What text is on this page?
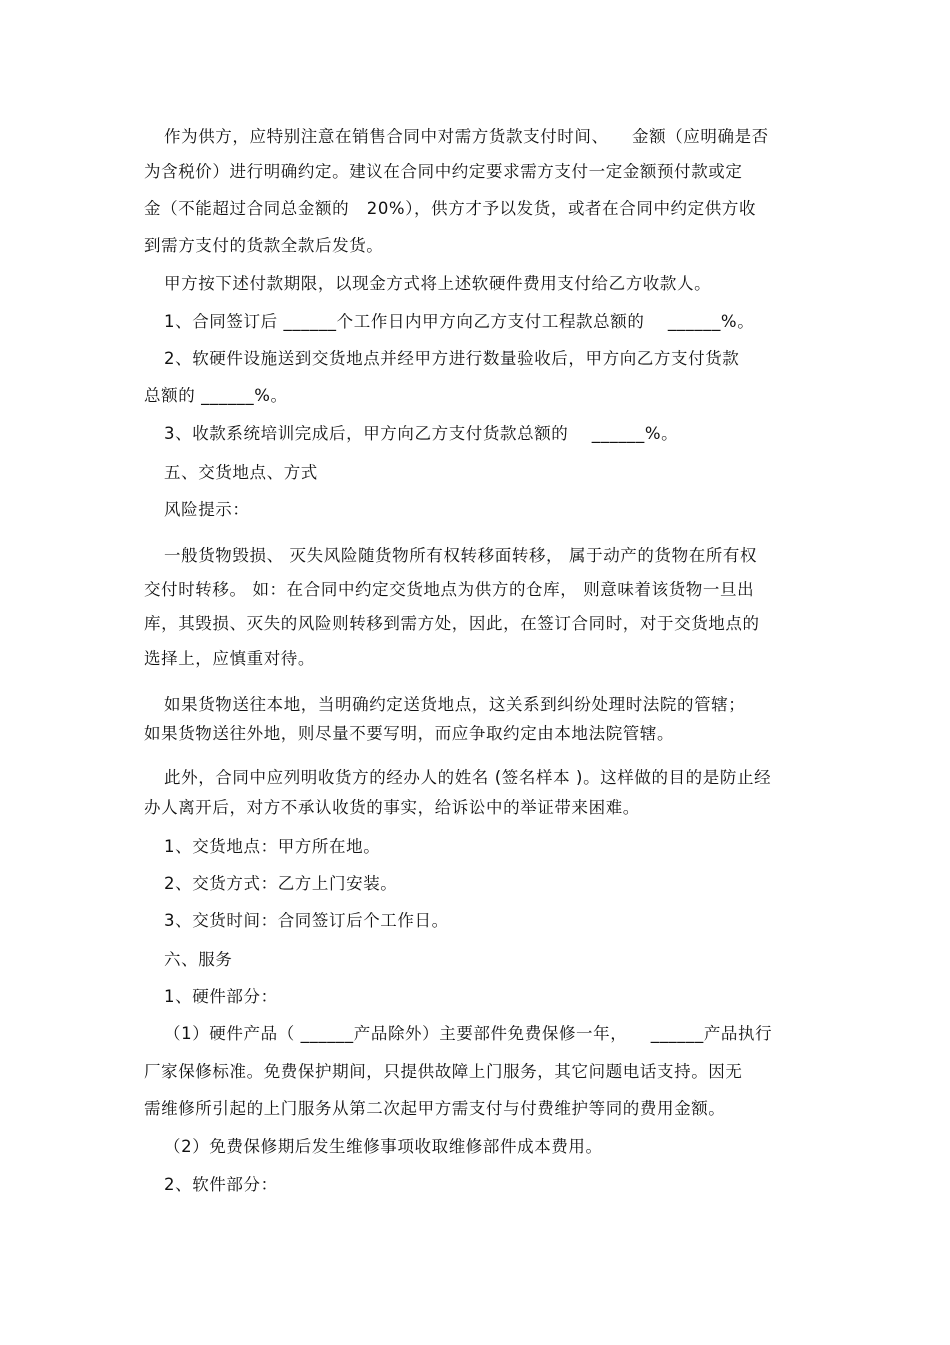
作为供方，应特别注意在销售合同中对需方货款支付时间、    金额（应明确是否
为含税价）进行明确约定。建议在合同中约定要求需方支付一定金额预付款或定
金（不能超过合同总金额的   20%），供方才予以发货，或者在合同中约定供方收
到需方支付的货款全款后发货。
甲方按下述付款期限，以现金方式将上述软硬件费用支付给乙方收款人。
1、合同签订后 ______个工作日内甲方向乙方支付工程款总额的    ______%。
2、软硬件设施送到交货地点并经甲方进行数量验收后，甲方向乙方支付货款
总额的 ______%。
3、收款系统培训完成后，甲方向乙方支付货款总额的    ______%。
五、交货地点、方式
风险提示：
一般货物毁损、 灭失风险随货物所有权转移面转移， 属于动产的货物在所有权
交付时转移。 如：在合同中约定交货地点为供方的仓库， 则意味着该货物一旦出
库，其毁损、灭失的风险则转移到需方处，因此，在签订合同时，对于交货地点的
选择上，应慎重对待。
如果货物送往本地，当明确约定送货地点，这关系到纠纷处理时法院的管辖；
如果货物送往外地，则尽量不要写明，而应争取约定由本地法院管辖。
此外，合同中应列明收货方的经办人的姓名 (签名样本 )。这样做的目的是防止经
办人离开后，对方不承认收货的事实，给诉讼中的举证带来困难。
1、交货地点：甲方所在地。
2、交货方式：乙方上门安装。
3、交货时间：合同签订后个工作日。
六、服务
1、硬件部分：
（1）硬件产品（ ______产品除外）主要部件免费保修一年，    ______产品执行
厂家保修标准。免费保护期间，只提供故障上门服务，其它问题电话支持。因无
需维修所引起的上门服务从第二次起甲方需支付与付费维护等同的费用金额。
（2）免费保修期后发生维修事项收取维修部件成本费用。
2、软件部分：
